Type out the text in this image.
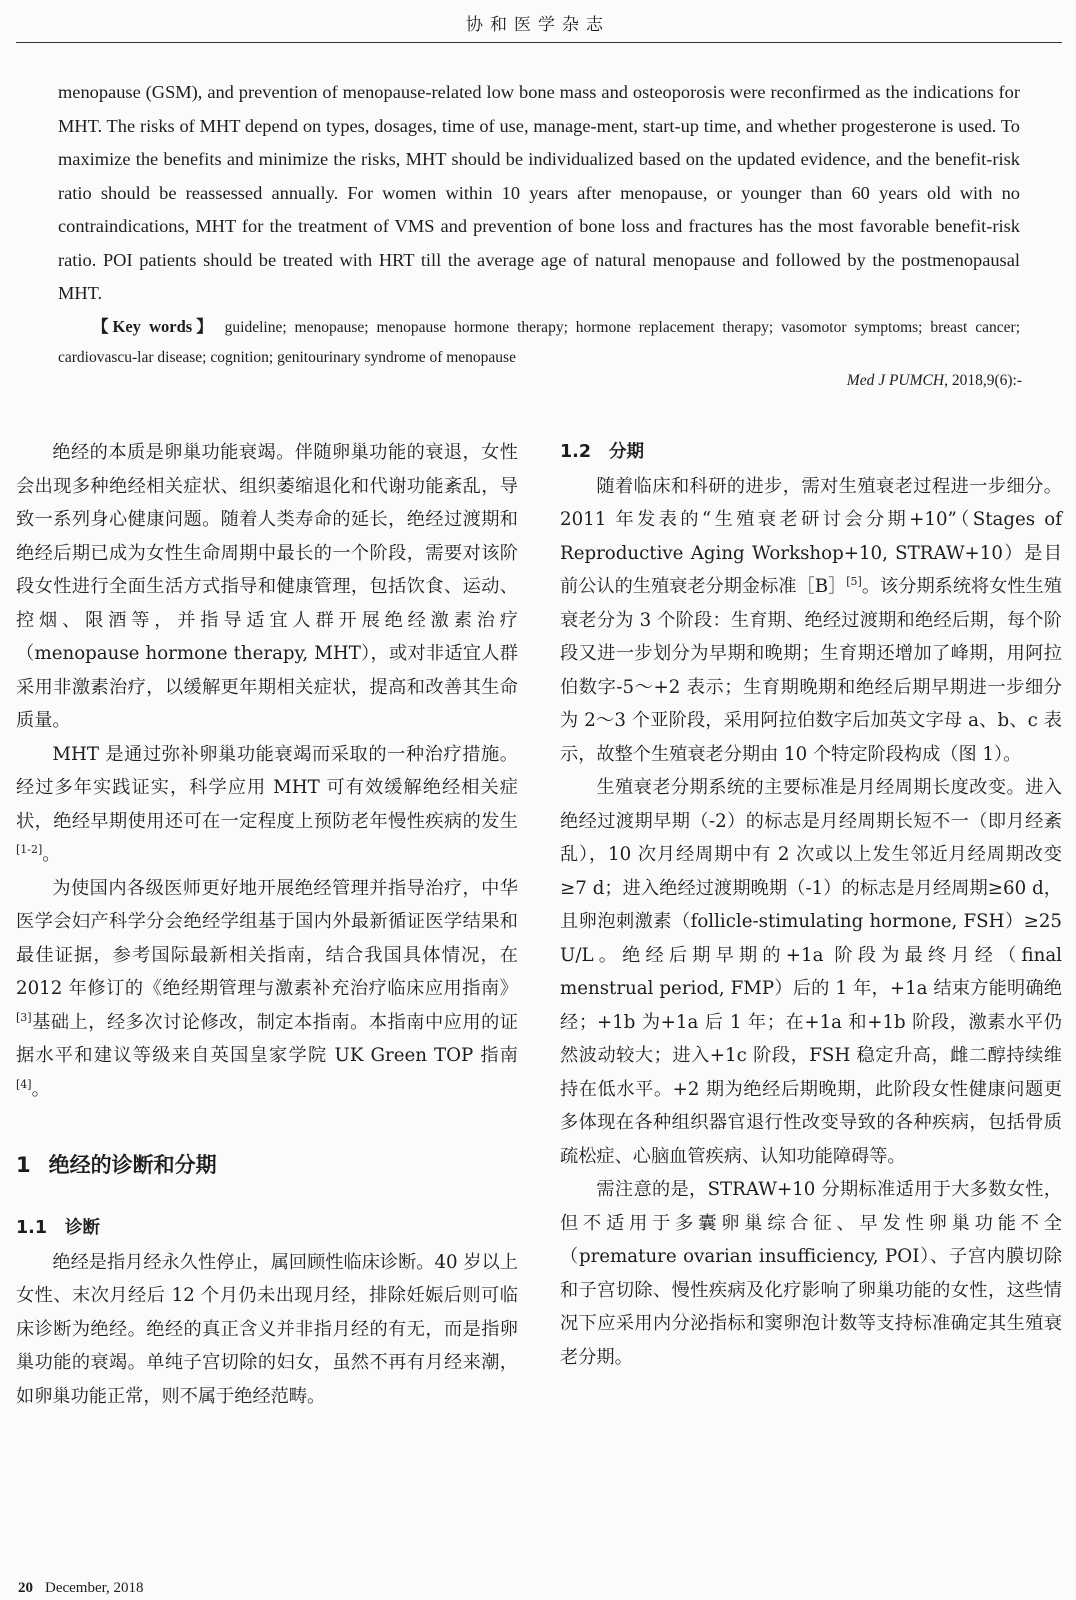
协和医学杂志

menopause (GSM), and prevention of menopause-related low bone mass and osteoporosis were reconfirmed as the indications for MHT. The risks of MHT depend on types, dosages, time of use, manage-ment, start-up time, and whether progesterone is used. To maximize the benefits and minimize the risks, MHT should be individualized based on the updated evidence, and the benefit-risk ratio should be reassessed annually. For women within 10 years after menopause, or younger than 60 years old with no contraindications, MHT for the treatment of VMS and prevention of bone loss and fractures has the most favorable benefit-risk ratio. POI patients should be treated with HRT till the average age of natural menopause and followed by the postmenopausal MHT.

【Key words】 guideline; menopause; menopause hormone therapy; hormone replacement therapy; vasomotor symptoms; breast cancer; cardiovascu-lar disease; cognition; genitourinary syndrome of menopause
Med J PUMCH, 2018,9(6):-

绝经的本质是卵巢功能衰竭。伴随卵巢功能的衰退，女性会出现多种绝经相关症状、组织萎缩退化和代谢功能紊乱，导致一系列身心健康问题。随着人类寿命的延长，绝经过渡期和绝经后期已成为女性生命周期中最长的一个阶段，需要对该阶段女性进行全面生活方式指导和健康管理，包括饮食、运动、控烟、限酒等，并指导适宜人群开展绝经激素治疗（menopause hormone therapy, MHT），或对非适宜人群采用非激素治疗，以缓解更年期相关症状，提高和改善其生命质量。

MHT 是通过弥补卵巢功能衰竭而采取的一种治疗措施。经过多年实践证实，科学应用 MHT 可有效缓解绝经相关症状，绝经早期使用还可在一定程度上预防老年慢性疾病的发生[1-2]。

为使国内各级医师更好地开展绝经管理并指导治疗，中华医学会妇产科学分会绝经学组基于国内外最新循证医学结果和最佳证据，参考国际最新相关指南，结合我国具体情况，在 2012 年修订的《绝经期管理与激素补充治疗临床应用指南》[3]基础上，经多次讨论修改，制定本指南。本指南中应用的证据水平和建议等级来自英国皇家学院 UK Green TOP 指南[4]。

1 绝经的诊断和分期
1.1 诊断

绝经是指月经永久性停止，属回顾性临床诊断。40 岁以上女性、末次月经后 12 个月仍未出现月经，排除妊娠后则可临床诊断为绝经。绝经的真正含义并非指月经的有无，而是指卵巢功能的衰竭。单纯子宫切除的妇女，虽然不再有月经来潮，如卵巢功能正常，则不属于绝经范畴。

1.2 分期

随着临床和科研的进步，需对生殖衰老过程进一步细分。2011 年发表的“生殖衰老研讨会分期+10”（Stages of Reproductive Aging Workshop+10, STRAW+10）是目前公认的生殖衰老分期金标准［B］[5]。该分期系统将女性生殖衰老分为 3 个阶段：生育期、绝经过渡期和绝经后期，每个阶段又进一步划分为早期和晚期；生育期还增加了峰期，用阿拉伯数字-5～+2 表示；生育期晚期和绝经后期早期进一步细分为 2～3 个亚阶段，采用阿拉伯数字后加英文字母 a、b、c 表示，故整个生殖衰老分期由 10 个特定阶段构成（图 1）。

生殖衰老分期系统的主要标准是月经周期长度改变。进入绝经过渡期早期（-2）的标志是月经周期长短不一（即月经紊乱），10 次月经周期中有 2 次或以上发生邻近月经周期改变≥7 d；进入绝经过渡期晚期（-1）的标志是月经周期≥60 d，且卵泡刺激素（follicle-stimulating hormone, FSH）≥25 U/L。绝经后期早期的+1a 阶段为最终月经（final menstrual period, FMP）后的 1 年，+1a 结束方能明确绝经；+1b 为+1a 后 1 年；在+1a 和+1b 阶段，激素水平仍然波动较大；进入+1c 阶段，FSH 稳定升高，雌二醇持续维持在低水平。+2 期为绝经后期晚期，此阶段女性健康问题更多体现在各种组织器官退行性改变导致的各种疾病，包括骨质疏松症、心脑血管疾病、认知功能障碍等。

需注意的是，STRAW+10 分期标准适用于大多数女性，但不适用于多囊卵巢综合征、早发性卵巢功能不全（premature ovarian insufficiency, POI）、子宫内膜切除和子宫切除、慢性疾病及化疗影响了卵巢功能的女性，这些情况下应采用内分泌指标和窦卵泡计数等支持标准确定其生殖衰老分期。

20 December, 2018
